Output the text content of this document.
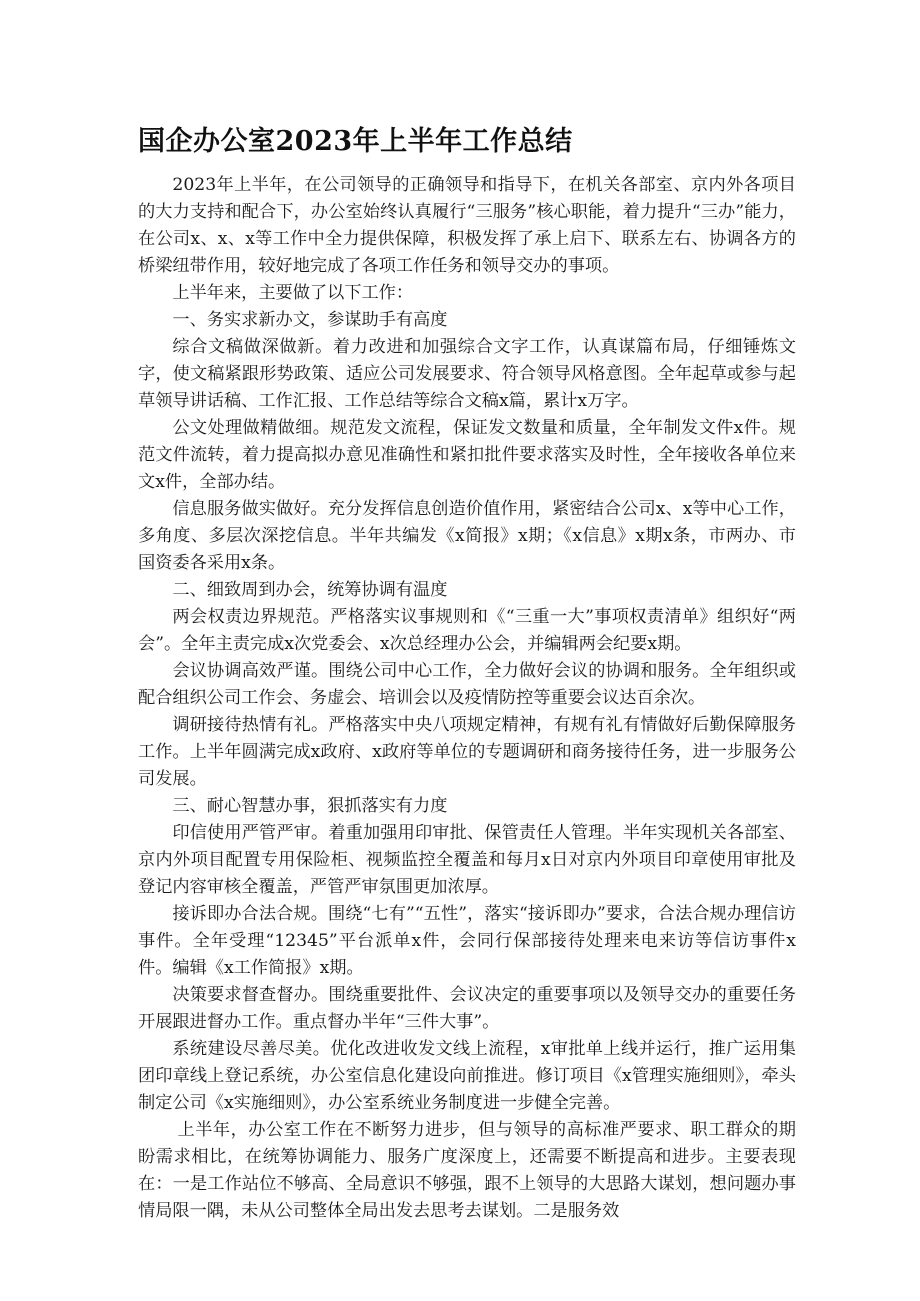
国企办公室2023年上半年工作总结

2023年上半年，在公司领导的正确领导和指导下，在机关各部室、京内外各项目的大力支持和配合下，办公室始终认真履行“三服务”核心职能，着力提升“三办”能力，在公司x、x、x等工作中全力提供保障，积极发挥了承上启下、联系左右、协调各方的桥梁纽带作用，较好地完成了各项工作任务和领导交办的事项。

上半年来，主要做了以下工作：

一、务实求新办文，参谋助手有高度

综合文稿做深做新。着力改进和加强综合文字工作，认真谋篇布局，仔细锤炼文字，使文稿紧跟形势政策、适应公司发展要求、符合领导风格意图。全年起草或参与起草领导讲话稿、工作汇报、工作总结等综合文稿x篇，累计x万字。

公文处理做精做细。规范发文流程，保证发文数量和质量，全年制发文件x件。规范文件流转，着力提高拟办意见准确性和紧扣批件要求落实及时性，全年接收各单位来文x件，全部办结。

信息服务做实做好。充分发挥信息创造价值作用，紧密结合公司x、x等中心工作，多角度、多层次深挖信息。半年共编发《x简报》x期；《x信息》x期x条，市两办、市国资委各采用x条。

二、细致周到办会，统筹协调有温度

两会权责边界规范。严格落实议事规则和《“三重一大”事项权责清单》组织好“两会”。全年主责完成x次党委会、x次总经理办公会，并编辑两会纪要x期。

会议协调高效严谨。围绕公司中心工作，全力做好会议的协调和服务。全年组织或配合组织公司工作会、务虚会、培训会以及疫情防控等重要会议达百余次。

调研接待热情有礼。严格落实中央八项规定精神，有规有礼有情做好后勤保障服务工作。上半年圆满完成x政府、x政府等单位的专题调研和商务接待任务，进一步服务公司发展。

三、耐心智慧办事，狠抓落实有力度

印信使用严管严审。着重加强用印审批、保管责任人管理。半年实现机关各部室、京内外项目配置专用保险柜、视频监控全覆盖和每月x日对京内外项目印章使用审批及登记内容审核全覆盖，严管严审氛围更加浓厚。

接诉即办合法合规。围绕“七有”“五性”，落实“接诉即办”要求，合法合规办理信访事件。全年受理“12345”平台派单x件，会同行保部接待处理来电来访等信访事件x件。编辑《x工作简报》x期。

决策要求督查督办。围绕重要批件、会议决定的重要事项以及领导交办的重要任务开展跟进督办工作。重点督办半年“三件大事”。

系统建设尽善尽美。优化改进收发文线上流程，x审批单上线并运行，推广运用集团印章线上登记系统，办公室信息化建设向前推进。修订项目《x管理实施细则》，牵头制定公司《x实施细则》，办公室系统业务制度进一步健全完善。

上半年，办公室工作在不断努力进步，但与领导的高标准严要求、职工群众的期盼需求相比，在统筹协调能力、服务广度深度上，还需要不断提高和进步。主要表现在：一是工作站位不够高、全局意识不够强，跟不上领导的大思路大谋划，想问题办事情局限一隅，未从公司整体全局出发去思考去谋划。二是服务效
